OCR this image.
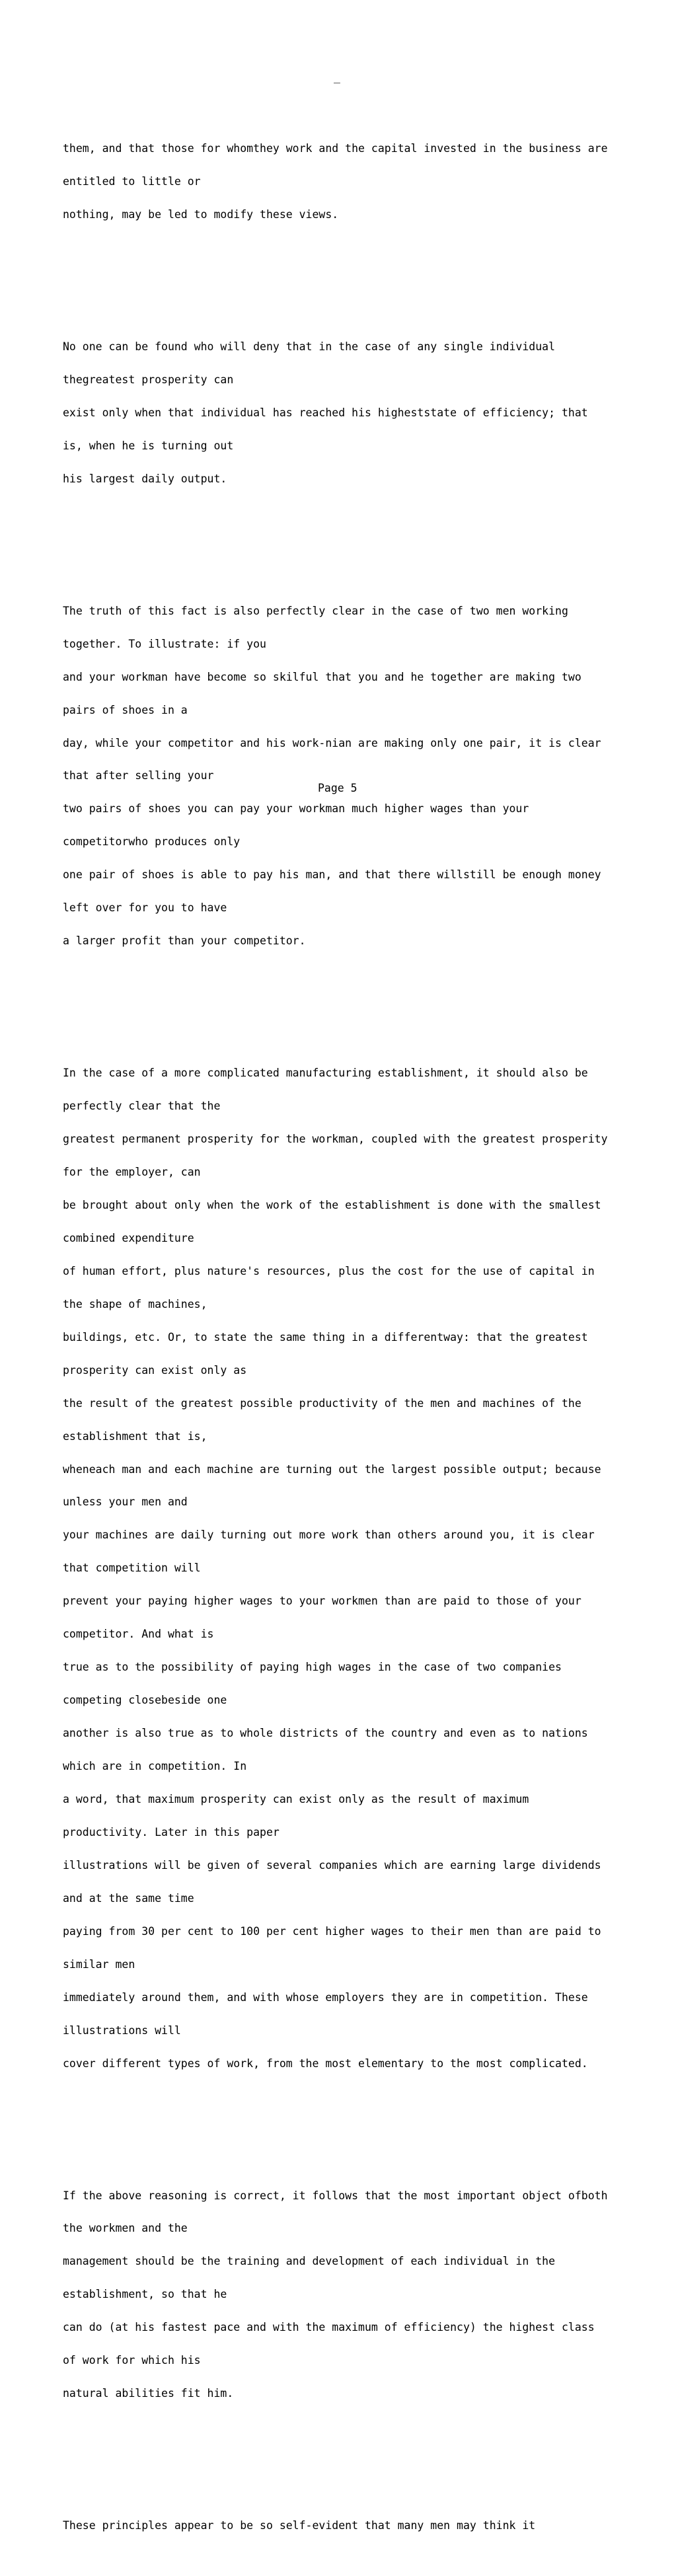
_

them, and that those for whomthey work and the capital invested in the business are

entitled to little or

nothing, may be led to modify these views.

No one can be found who will deny that in the case of any single individual

thegreatest prosperity can

exist only when that individual has reached his higheststate of efficiency; that

is, when he is turning out

his largest daily output.

The truth of this fact is also perfectly clear in the case of two men working

together. To illustrate: if you

and your workman have become so skilful that you and he together are making two

pairs of shoes in a

day, while your competitor and his work-nian are making only one pair, it is clear

that after selling your

two pairs of shoes you can pay your workman much higher wages than your

competitorwho produces only

one pair of shoes is able to pay his man, and that there willstill be enough money

left over for you to have

a larger profit than your competitor.

In the case of a more complicated manufacturing establishment, it should also be

perfectly clear that the

greatest permanent prosperity for the workman, coupled with the greatest prosperity

for the employer, can

be brought about only when the work of the establishment is done with the smallest

combined expenditure

of human effort, plus nature's resources, plus the cost for the use of capital in

the shape of machines,

buildings, etc. Or, to state the same thing in a differentway: that the greatest

prosperity can exist only as

the result of the greatest possible productivity of the men and machines of the

establishment that is,

wheneach man and each machine are turning out the largest possible output; because

unless your men and

your machines are daily turning out more work than others around you, it is clear

that competition will

prevent your paying higher wages to your workmen than are paid to those of your

competitor. And what is

true as to the possibility of paying high wages in the case of two companies

competing closebeside one

another is also true as to whole districts of the country and even as to nations

which are in competition. In

a word, that maximum prosperity can exist only as the result of maximum

productivity. Later in this paper

illustrations will be given of several companies which are earning large dividends

and at the same time

paying from 30 per cent to 100 per cent higher wages to their men than are paid to

similar men

immediately around them, and with whose employers they are in competition. These

illustrations will

cover different types of work, from the most elementary to the most complicated.

If the above reasoning is correct, it follows that the most important object ofboth

the workmen and the

management should be the training and development of each individual in the

establishment, so that he

can do (at his fastest pace and with the maximum of efficiency) the highest class

of work for which his

natural abilities fit him.

These principles appear to be so self-evident that many men may think it

Page 5
